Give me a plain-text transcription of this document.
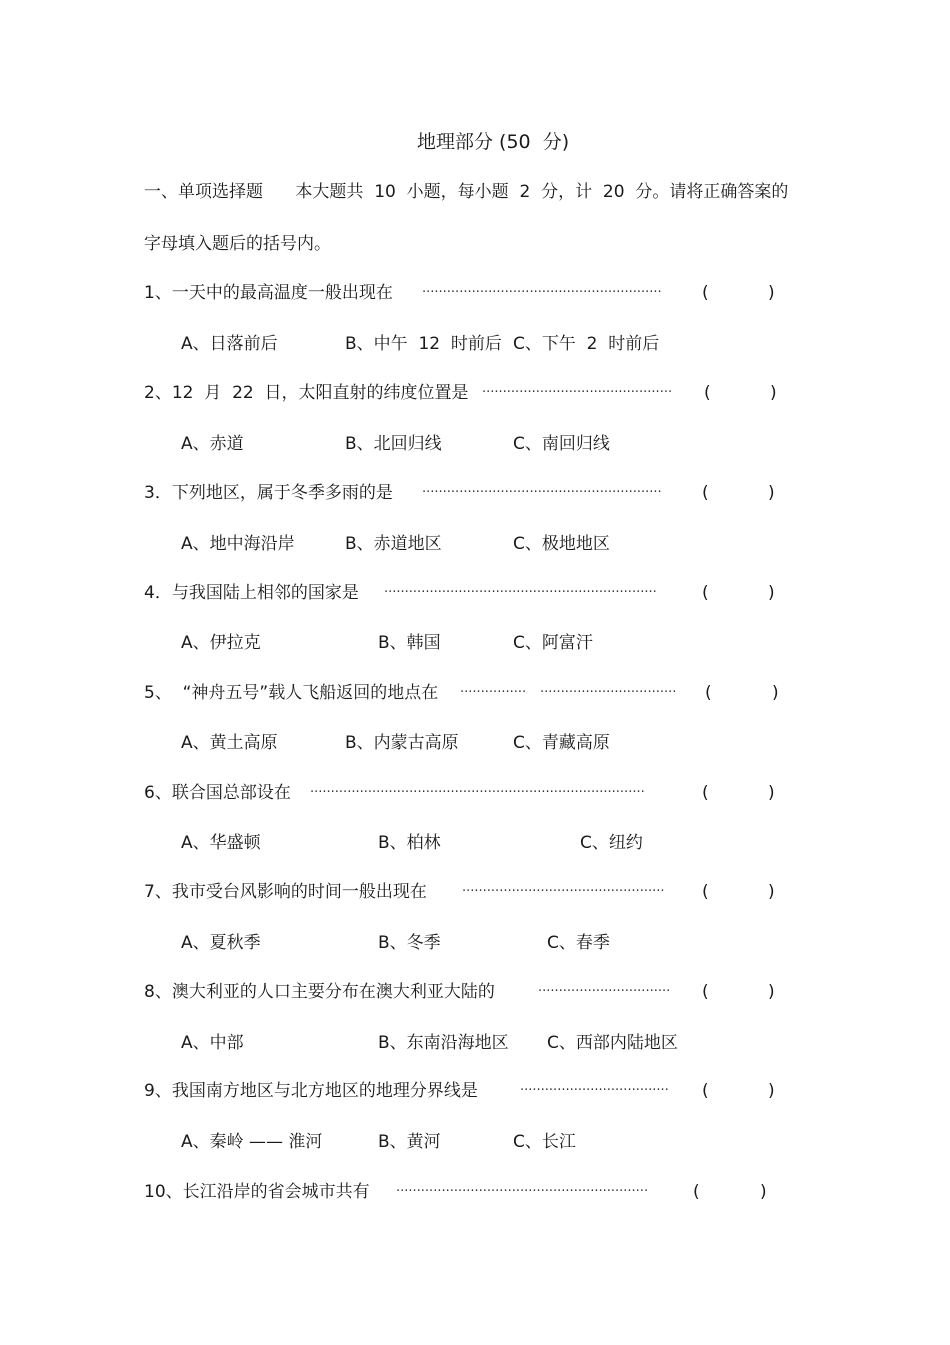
地理部分 (50  分)
一、单项选择题      本大题共  10  小题，每小题  2  分，计  20  分。请将正确答案的
字母填入题后的括号内。
1、一天中的最高温度一般出现在 ··························································	(	)
A、日落前后	B、中午  12  时前后 C、下午  2  时前后
2、12  月  22  日，太阳直射的纬度位置是 ··············································	(	)
A、赤道	B、北回归线	C、南回归线
3．下列地区，属于冬季多雨的是 ··························································	(	)
A、地中海沿岸	B、赤道地区	C、极地地区
4．与我国陆上相邻的国家是 ··································································	(	)
A、伊拉克	B、韩国	C、阿富汗
5、  “神舟五号”载人飞船返回的地点在 ················ ·································	(	)
A、黄土高原	B、内蒙古高原	C、青藏高原
6、联合国总部设在 ·················································································	(	)
A、华盛顿	B、柏林	C、纽约
7、我市受台风影响的时间一般出现在	·················································	(	)
A、夏秋季	B、冬季	C、春季
8、澳大利亚的人口主要分布在澳大利亚大陆的	································	(	)
A、中部	B、东南沿海地区 C、西部内陆地区
9、我国南方地区与北方地区的地理分界线是	····································	(	)
A、秦岭 —— 淮河	B、黄河	C、长江
10、长江沿岸的省会城市共有 ·····························································	(	)
